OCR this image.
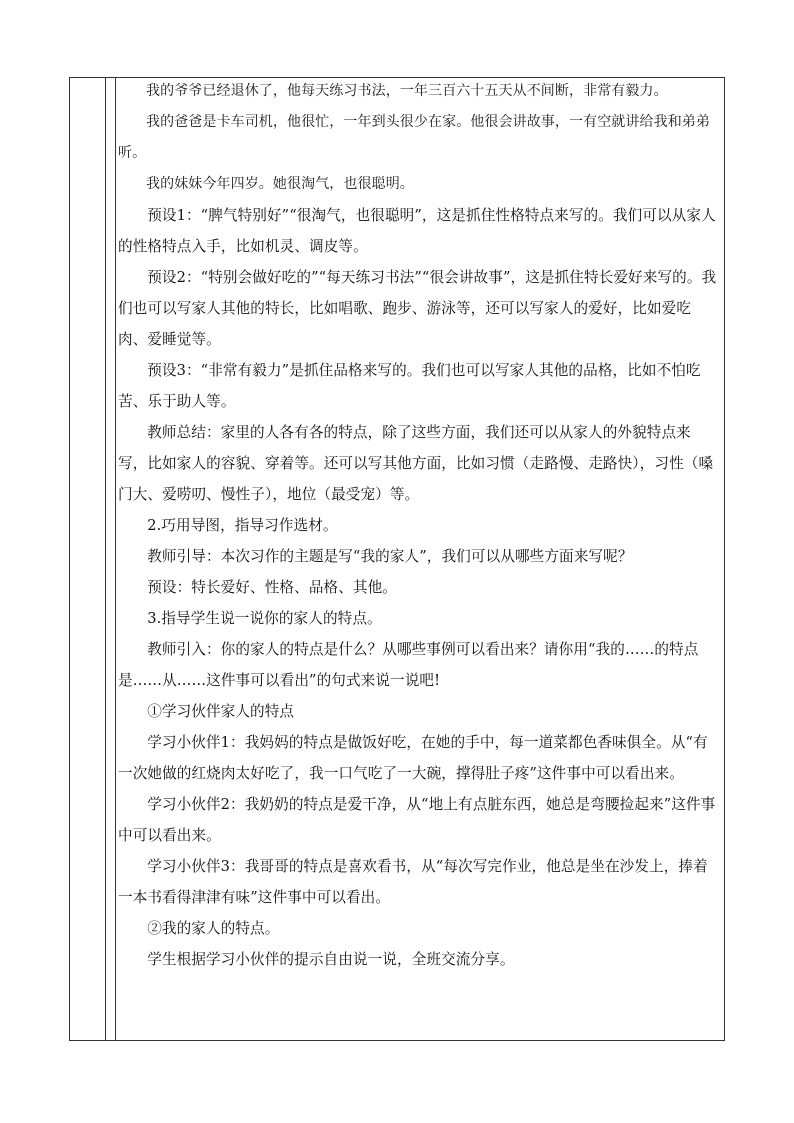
我的爷爷已经退休了，他每天练习书法，一年三百六十五天从不间断，非常有毅力。

我的爸爸是卡车司机，他很忙，一年到头很少在家。他很会讲故事，一有空就讲给我和弟弟听。

我的妹妹今年四岁。她很淘气，也很聪明。

预设1：“脾气特别好”“很淘气，也很聪明”，这是抓住性格特点来写的。我们可以从家人的性格特点入手，比如机灵、调皮等。

预设2：“特别会做好吃的”“每天练习书法”“很会讲故事”，这是抓住特长爱好来写的。我们也可以写家人其他的特长，比如唱歌、跑步、游泳等，还可以写家人的爱好，比如爱吃肉、爱睡觉等。

预设3：“非常有毅力”是抓住品格来写的。我们也可以写家人其他的品格，比如不怕吃苦、乐于助人等。

教师总结：家里的人各有各的特点，除了这些方面，我们还可以从家人的外貌特点来写，比如家人的容貌、穿着等。还可以写其他方面，比如习惯（走路慢、走路快），习性（嗓门大、爱唠叨、慢性子），地位（最受宠）等。

2.巧用导图，指导习作选材。

教师引导：本次习作的主题是写“我的家人”，我们可以从哪些方面来写呢？

预设：特长爱好、性格、品格、其他。

3.指导学生说一说你的家人的特点。

教师引入：你的家人的特点是什么？从哪些事例可以看出来？请你用“我的……的特点是……从……这件事可以看出”的句式来说一说吧!

①学习伙伴家人的特点

学习小伙伴1：我妈妈的特点是做饭好吃，在她的手中，每一道菜都色香味俱全。从“有一次她做的红烧肉太好吃了，我一口气吃了一大碗，撑得肚子疼”这件事中可以看出来。

学习小伙伴2：我奶奶的特点是爱干净，从“地上有点脏东西，她总是弯腰捡起来”这件事中可以看出来。

学习小伙伴3：我哥哥的特点是喜欢看书，从“每次写完作业，他总是坐在沙发上，捧着一本书看得津津有味”这件事中可以看出。

②我的家人的特点。

学生根据学习小伙伴的提示自由说一说，全班交流分享。
